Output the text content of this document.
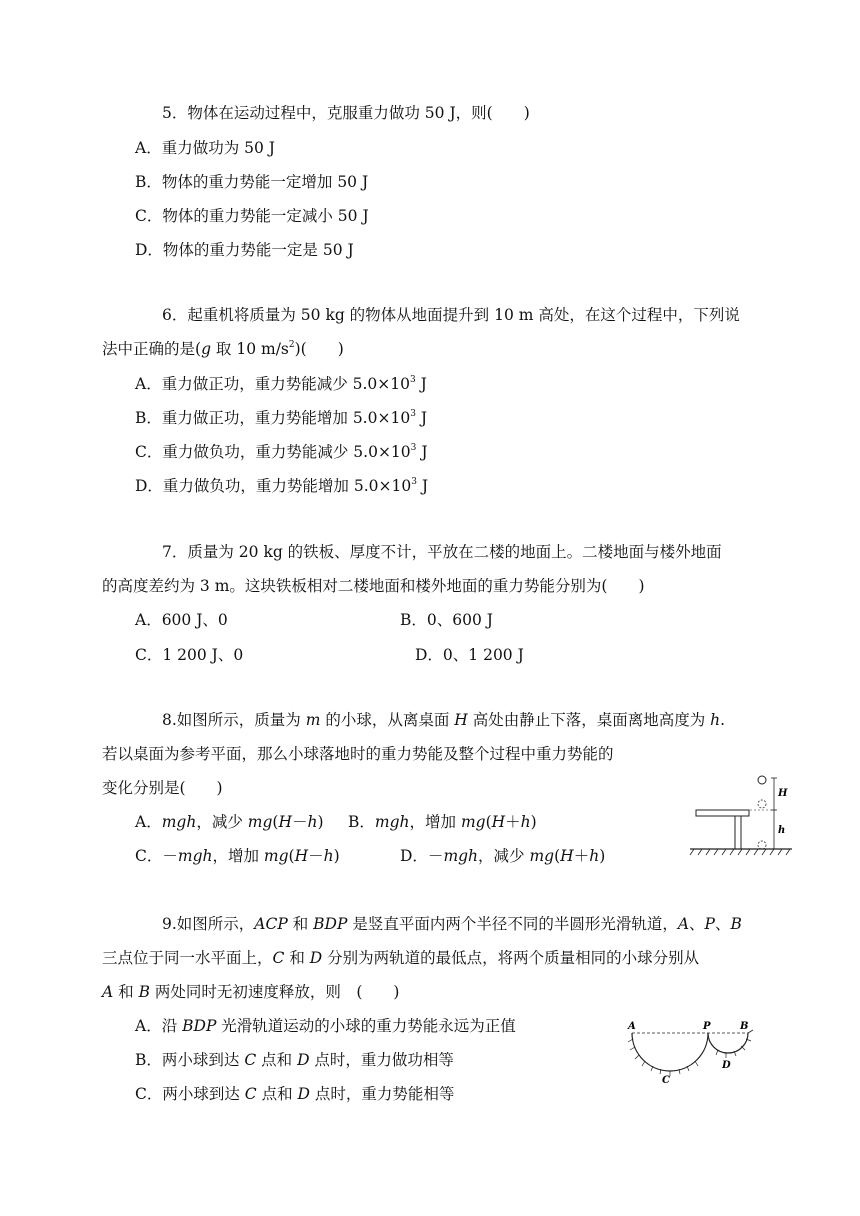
5．物体在运动过程中，克服重力做功 50 J，则(　　)
A．重力做功为 50 J
B．物体的重力势能一定增加 50 J
C．物体的重力势能一定减小 50 J
D．物体的重力势能一定是 50 J
6．起重机将质量为 50 kg 的物体从地面提升到 10 m 高处，在这个过程中，下列说
法中正确的是(g 取 10 $m/s^2$)(　　)
A．重力做正功，重力势能减少 $5.0\times 10^3$ J
B．重力做正功，重力势能增加 $5.0\times 10^3$ J
C．重力做负功，重力势能减少 $5.0\times 10^3$ J
D．重力做负功，重力势能增加 $5.0\times 10^3$ J
7．质量为 20 kg 的铁板、厚度不计，平放在二楼的地面上。二楼地面与楼外地面
的高度差约为 3 m。这块铁板相对二楼地面和楼外地面的重力势能分别为(　　)
A．600 J、0	B．0、600 J
C．1 200 J、0	D．0、1 200 J
8.如图所示，质量为 m 的小球，从离桌面 H 高处由静止下落，桌面离地高度为 h.
若以桌面为参考平面，那么小球落地时的重力势能及整个过程中重力势能的
变化分别是(　　)
A．mgh，减少 mg(H－h) B．mgh，增加 mg(H＋h)
C．－mgh，增加 mg(H－h)	D．－mgh，减少 mg(H＋h)
H
h
9.如图所示，ACP 和 BDP 是竖直平面内两个半径不同的半圆形光滑轨道，A、P、B
三点位于同一水平面上，C 和 D 分别为两轨道的最低点，将两个质量相同的小球分别从
A 和 B 两处同时无初速度释放，则　(　　)
A．沿 BDP 光滑轨道运动的小球的重力势能永远为正值
B．两小球到达 C 点和 D 点时，重力做功相等
C．两小球到达 C 点和 D 点时，重力势能相等
A	P	B
C
D
